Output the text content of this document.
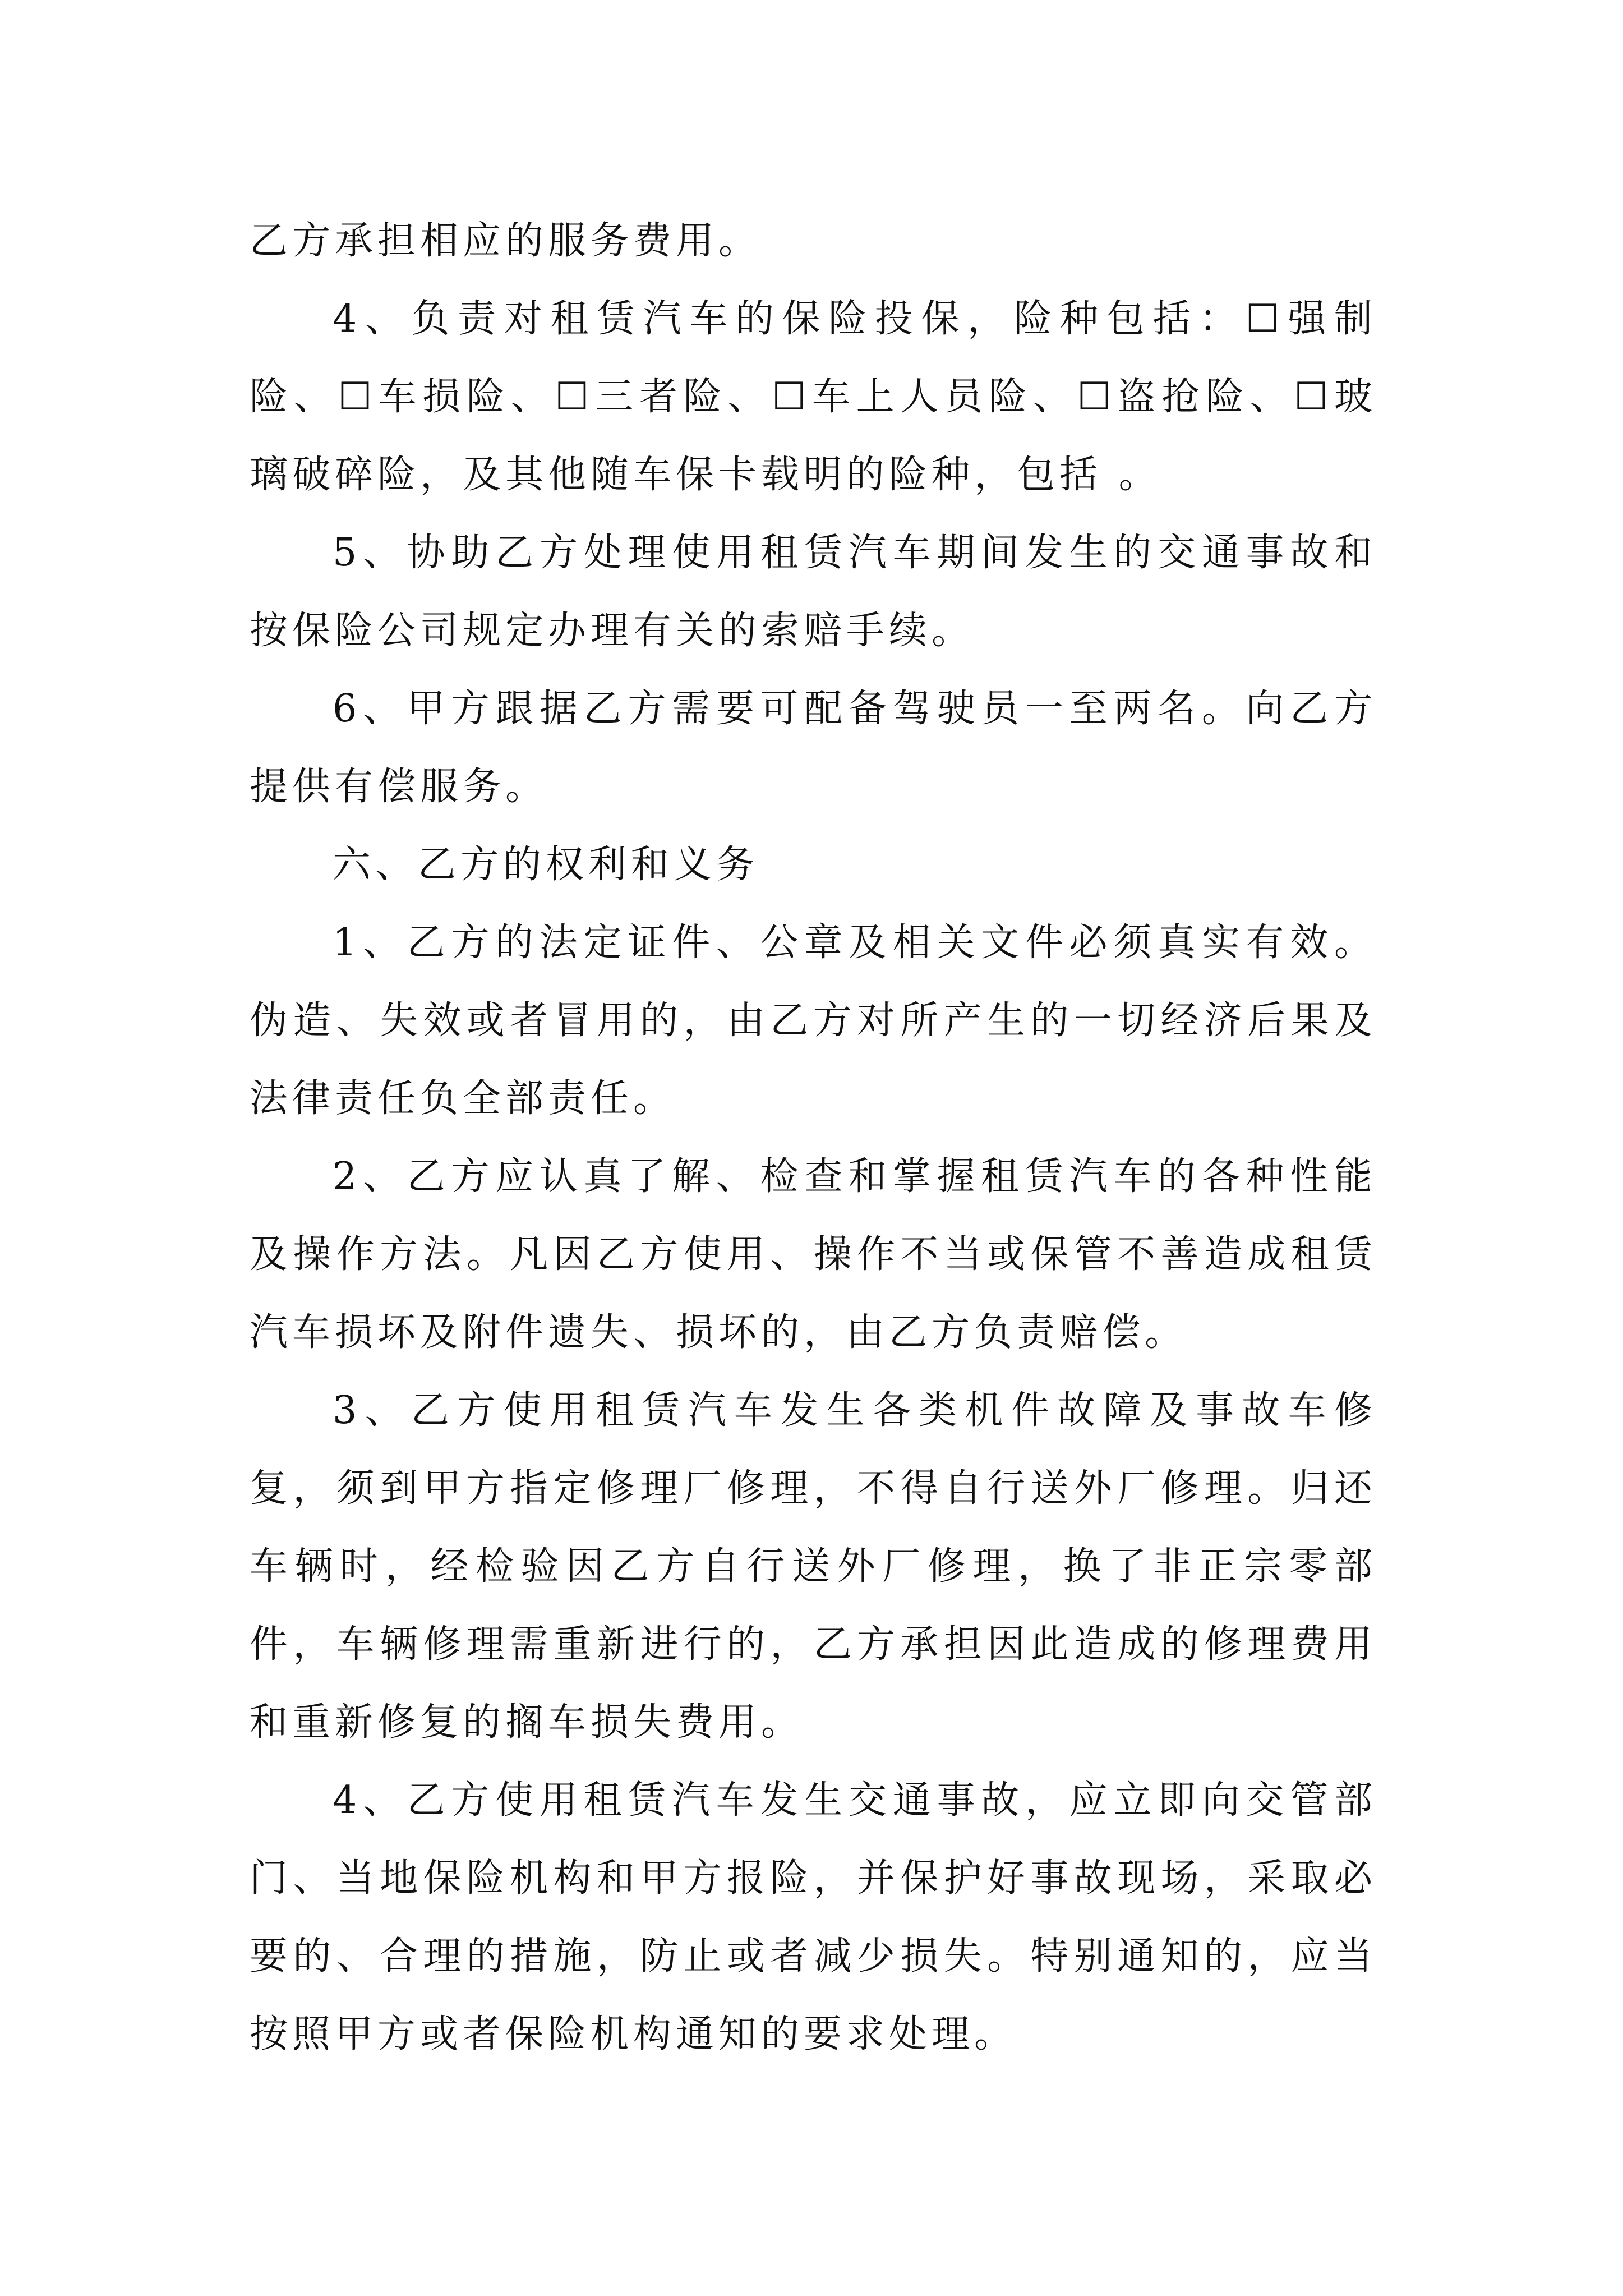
乙方承担相应的服务费用。

4、负责对租赁汽车的保险投保，险种包括：☐强制险、☐车损险、☐三者险、☐车上人员险、☐盗抢险、☐玻璃破碎险，及其他随车保卡载明的险种，包括 。

5、协助乙方处理使用租赁汽车期间发生的交通事故和按保险公司规定办理有关的索赔手续。

6、甲方跟据乙方需要可配备驾驶员一至两名。向乙方提供有偿服务。

六、乙方的权利和义务

1、乙方的法定证件、公章及相关文件必须真实有效。伪造、失效或者冒用的，由乙方对所产生的一切经济后果及法律责任负全部责任。

2、乙方应认真了解、检查和掌握租赁汽车的各种性能及操作方法。凡因乙方使用、操作不当或保管不善造成租赁汽车损坏及附件遗失、损坏的，由乙方负责赔偿。

3、乙方使用租赁汽车发生各类机件故障及事故车修复，须到甲方指定修理厂修理，不得自行送外厂修理。归还车辆时，经检验因乙方自行送外厂修理，换了非正宗零部件，车辆修理需重新进行的，乙方承担因此造成的修理费用和重新修复的搁车损失费用。

4、乙方使用租赁汽车发生交通事故，应立即向交管部门、当地保险机构和甲方报险，并保护好事故现场，采取必要的、合理的措施，防止或者减少损失。特别通知的，应当按照甲方或者保险机构通知的要求处理。
